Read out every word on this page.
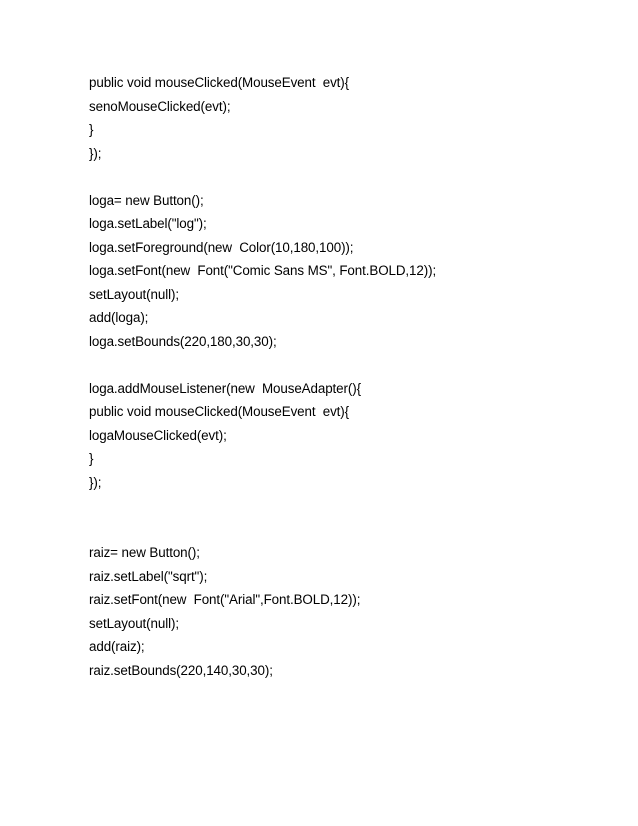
public void mouseClicked(MouseEvent  evt){
senoMouseClicked(evt);
}
});
loga= new Button();
loga.setLabel("log");
loga.setForeground(new  Color(10,180,100));
loga.setFont(new  Font("Comic Sans MS", Font.BOLD,12));
setLayout(null);
add(loga);
loga.setBounds(220,180,30,30);
loga.addMouseListener(new  MouseAdapter(){
public void mouseClicked(MouseEvent  evt){
logaMouseClicked(evt);
}
});
raiz= new Button();
raiz.setLabel("sqrt");
raiz.setFont(new  Font("Arial",Font.BOLD,12));
setLayout(null);
add(raiz);
raiz.setBounds(220,140,30,30);
